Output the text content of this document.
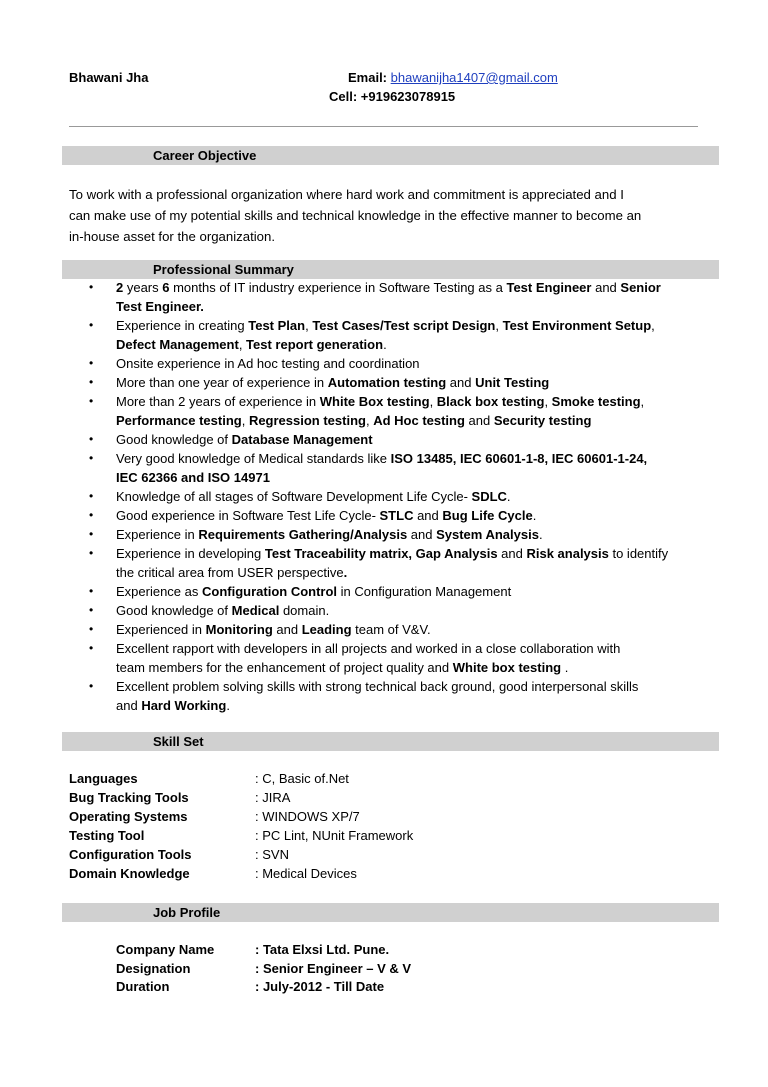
Bhawani Jha	Email: bhawanijha1407@gmail.com
Cell: +919623078915
Career Objective
To work with a professional organization where hard work and commitment is appreciated and I
can make use of my potential skills and technical knowledge in the effective manner to become an
in-house asset for the organization.
Professional Summary
• 2 years 6 months of IT industry experience in Software Testing as a Test Engineer and Senior
Test Engineer.
• Experience in creating Test Plan, Test Cases/Test script Design, Test Environment Setup,
Defect Management, Test report generation.
• Onsite experience in Ad hoc testing and coordination
• More than one year of experience in Automation testing and Unit Testing
• More than 2 years of experience in White Box testing, Black box testing, Smoke testing,
Performance testing, Regression testing, Ad Hoc testing and Security testing
• Good knowledge of Database Management
• Very good knowledge of Medical standards like ISO 13485, IEC 60601-1-8, IEC 60601-1-24,
IEC 62366 and ISO 14971
• Knowledge of all stages of Software Development Life Cycle- SDLC.
• Good experience in Software Test Life Cycle- STLC and Bug Life Cycle.
• Experience in Requirements Gathering/Analysis and System Analysis.
• Experience in developing Test Traceability matrix, Gap Analysis and Risk analysis to identify
the critical area from USER perspective.
• Experience as Configuration Control in Configuration Management
• Good knowledge of Medical domain.
• Experienced in Monitoring and Leading team of V&V.
• Excellent rapport with developers in all projects and worked in a close collaboration with
team members for the enhancement of project quality and White box testing .
• Excellent problem solving skills with strong technical back ground, good interpersonal skills
and Hard Working.
Skill Set
Languages	: C, Basic of.Net
Bug Tracking Tools	: JIRA
Operating Systems	: WINDOWS XP/7
Testing Tool	: PC Lint, NUnit Framework
Configuration Tools	: SVN
Domain Knowledge	: Medical Devices
Job Profile
Company Name	: Tata Elxsi Ltd. Pune.
Designation	: Senior Engineer – V & V
Duration	: July-2012 - Till Date
